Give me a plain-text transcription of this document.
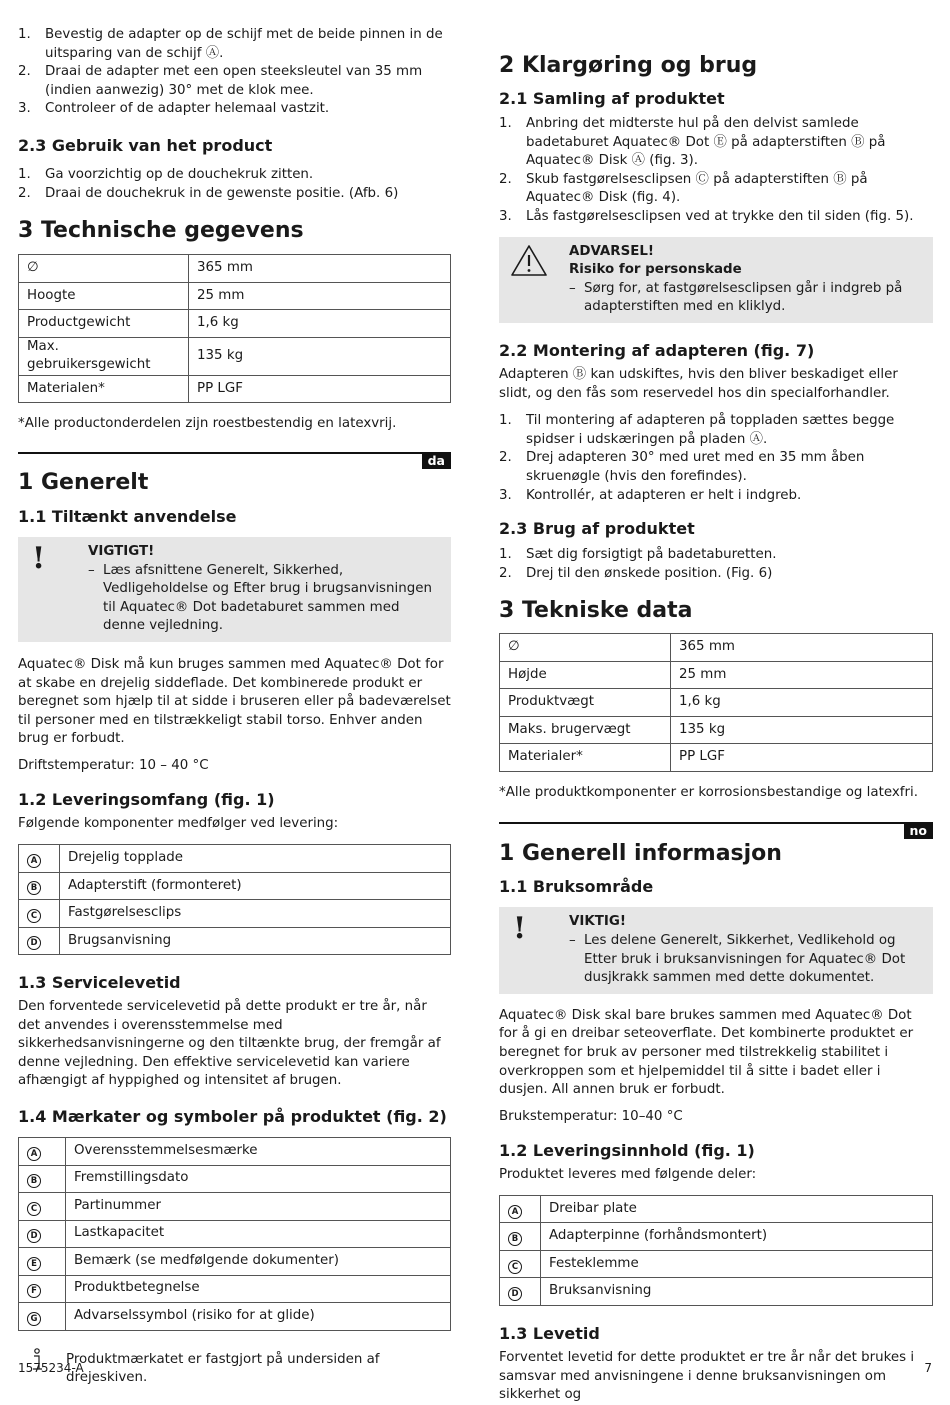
1. Bevestig de adapter op de schijf met de beide pinnen in de uitsparing van de schijf Ⓐ.
2. Draai de adapter met een open steeksleutel van 35 mm (indien aanwezig) 30° met de klok mee.
3. Controleer of de adapter helemaal vastzit.
2.3 Gebruik van het product
1. Ga voorzichtig op de douchekruk zitten.
2. Draai de douchekruk in de gewenste positie. (Afb. 6)
3 Technische gegevens
∅	365 mm
Hoogte	25 mm
Productgewicht	1,6 kg
Max. gebruikersgewicht	135 kg
Materialen*	PP LGF

*Alle productonderdelen zijn roestbestendig en latexvrij.

da
1 Generelt
1.1 Tiltænkt anvendelse
!	VIGTIGT!
– Læs afsnittene Generelt, Sikkerhed, Vedligeholdelse og Efter brug i brugsanvisningen til Aquatec® Dot badetaburet sammen med denne vejledning.

Aquatec® Disk må kun bruges sammen med Aquatec® Dot for at skabe en drejelig siddeflade. Det kombinerede produkt er beregnet som hjælp til at sidde i bruseren eller på badeværelset til personer med en tilstrækkeligt stabil torso. Enhver anden brug er forbudt.

Driftstemperatur: 10 – 40 °C

1.2 Leveringsomfang (fig. 1)

Følgende komponenter medfølger ved levering:

A	Drejelig topplade
B	Adapterstift (formonteret)
C	Fastgørelsesclips
D	Brugsanvisning
1.3 Servicelevetid

Den forventede servicelevetid på dette produkt er tre år, når det anvendes i overensstemmelse med sikkerhedsanvisningerne og den tiltænkte brug, der fremgår af denne vejledning. Den effektive servicelevetid kan variere afhængigt af hyppighed og intensitet af brugen.

1.4 Mærkater og symboler på produktet (fig. 2)
A	Overensstemmelsesmærke
B	Fremstillingsdato
C	Partinummer
D	Lastkapacitet
E	Bemærk (se medfølgende dokumenter)
F	Produktbetegnelse
G	Advarselssymbol (risiko for at glide)
Produktmærkatet er fastgjort på undersiden af drejeskiven.
2 Klargøring og brug
2.1 Samling af produktet
1. Anbring det midterste hul på den delvist samlede badetaburet Aquatec® Dot Ⓔ på adapterstiften Ⓑ på Aquatec® Disk Ⓐ (fig. 3).
2. Skub fastgørelsesclipsen Ⓒ på adapterstiften Ⓑ på Aquatec® Disk (fig. 4).
3. Lås fastgørelsesclipsen ved at trykke den til siden (fig. 5).
ADVARSEL!
Risiko for personskade
– Sørg for, at fastgørelsesclipsen går i indgreb på adapterstiften med en kliklyd.
2.2 Montering af adapteren (fig. 7)

Adapteren Ⓑ kan udskiftes, hvis den bliver beskadiget eller slidt, og den fås som reservedel hos din specialforhandler.

1. Til montering af adapteren på toppladen sættes begge spidser i udskæringen på pladen Ⓐ.
2. Drej adapteren 30° med uret med en 35 mm åben skruenøgle (hvis den forefindes).
3. Kontrollér, at adapteren er helt i indgreb.
2.3 Brug af produktet
1. Sæt dig forsigtigt på badetaburetten.
2. Drej til den ønskede position. (Fig. 6)
3 Tekniske data
∅	365 mm
Højde	25 mm
Produktvægt	1,6 kg
Maks. brugervægt	135 kg
Materialer*	PP LGF

*Alle produktkomponenter er korrosionsbestandige og latexfri.

no
1 Generell informasjon
1.1 Bruksområde
!	VIKTIG!
– Les delene Generelt, Sikkerhet, Vedlikehold og Etter bruk i bruksanvisningen for Aquatec® Dot dusjkrakk sammen med dette dokumentet.

Aquatec® Disk skal bare brukes sammen med Aquatec® Dot for å gi en dreibar seteoverflate. Det kombinerte produktet er beregnet for bruk av personer med tilstrekkelig stabilitet i overkroppen som et hjelpemiddel til å sitte i badet eller i dusjen. All annen bruk er forbudt.

Brukstemperatur: 10–40 °C

1.2 Leveringsinnhold (fig. 1)

Produktet leveres med følgende deler:

A	Dreibar plate
B	Adapterpinne (forhåndsmontert)
C	Festeklemme
D	Bruksanvisning
1.3 Levetid

Forventet levetid for dette produktet er tre år når det brukes i samsvar med anvisningene i denne bruksanvisningen om sikkerhet og

1575234-A	7
